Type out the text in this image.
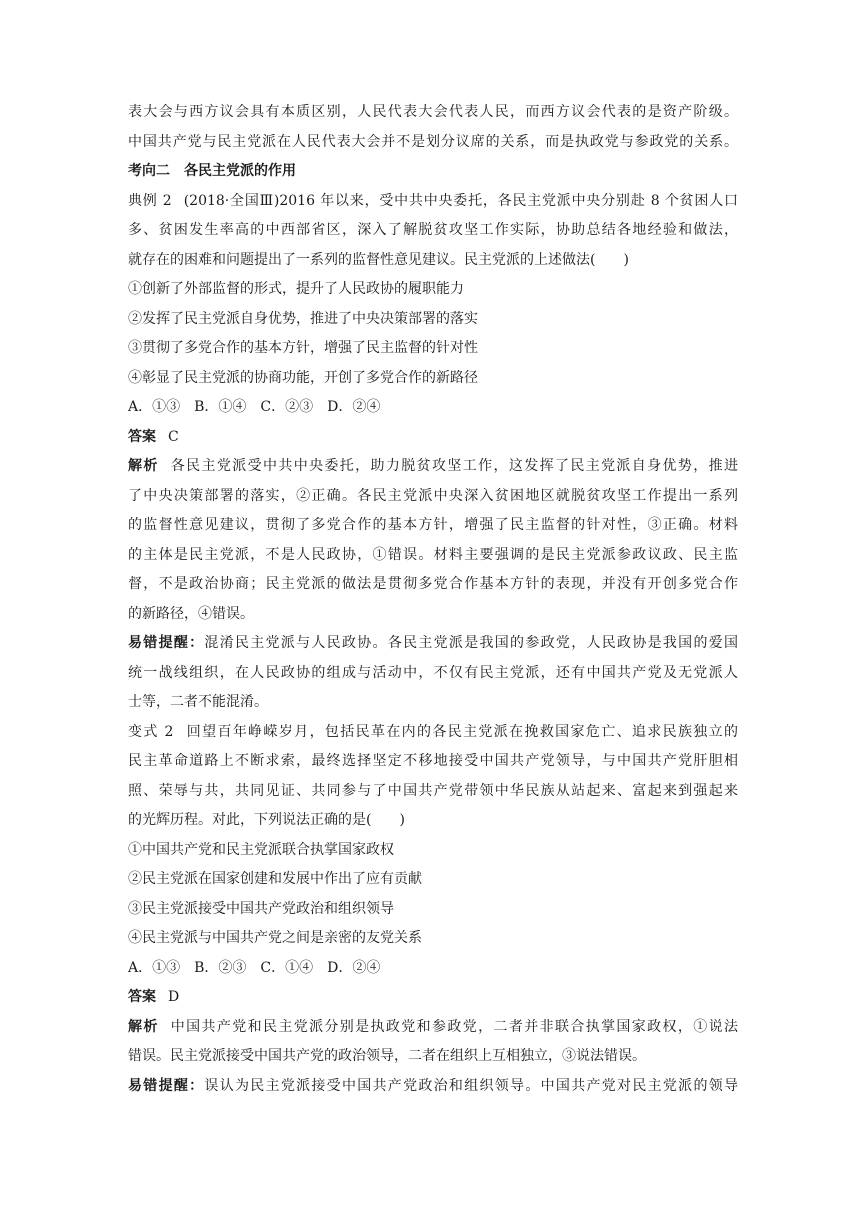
表大会与西方议会具有本质区别，人民代表大会代表人民，而西方议会代表的是资产阶级。
中国共产党与民主党派在人民代表大会并不是划分议席的关系，而是执政党与参政党的关系。
考向二　各民主党派的作用
典例 2 (2018·全国Ⅲ)2016 年以来，受中共中央委托，各民主党派中央分别赴 8 个贫困人口
多、贫困发生率高的中西部省区，深入了解脱贫攻坚工作实际，协助总结各地经验和做法，
就存在的困难和问题提出了一系列的监督性意见建议。民主党派的上述做法(　　)
①创新了外部监督的形式，提升了人民政协的履职能力
②发挥了民主党派自身优势，推进了中央决策部署的落实
③贯彻了多党合作的基本方针，增强了民主监督的针对性
④彰显了民主党派的协商功能，开创了多党合作的新路径
A．①③ B．①④ C．②③ D．②④
答案 C
解析 各民主党派受中共中央委托，助力脱贫攻坚工作，这发挥了民主党派自身优势，推进
了中央决策部署的落实，②正确。各民主党派中央深入贫困地区就脱贫攻坚工作提出一系列
的监督性意见建议，贯彻了多党合作的基本方针，增强了民主监督的针对性，③正确。材料
的主体是民主党派，不是人民政协，①错误。材料主要强调的是民主党派参政议政、民主监
督，不是政治协商；民主党派的做法是贯彻多党合作基本方针的表现，并没有开创多党合作
的新路径，④错误。
易错提醒：混淆民主党派与人民政协。各民主党派是我国的参政党，人民政协是我国的爱国
统一战线组织，在人民政协的组成与活动中，不仅有民主党派，还有中国共产党及无党派人
士等，二者不能混淆。
变式 2 回望百年峥嵘岁月，包括民革在内的各民主党派在挽救国家危亡、追求民族独立的
民主革命道路上不断求索，最终选择坚定不移地接受中国共产党领导，与中国共产党肝胆相
照、荣辱与共，共同见证、共同参与了中国共产党带领中华民族从站起来、富起来到强起来
的光辉历程。对此，下列说法正确的是(　　)
①中国共产党和民主党派联合执掌国家政权
②民主党派在国家创建和发展中作出了应有贡献
③民主党派接受中国共产党政治和组织领导
④民主党派与中国共产党之间是亲密的友党关系
A．①③ B．②③ C．①④ D．②④
答案 D
解析 中国共产党和民主党派分别是执政党和参政党，二者并非联合执掌国家政权，①说法
错误。民主党派接受中国共产党的政治领导，二者在组织上互相独立，③说法错误。
易错提醒：误认为民主党派接受中国共产党政治和组织领导。中国共产党对民主党派的领导
